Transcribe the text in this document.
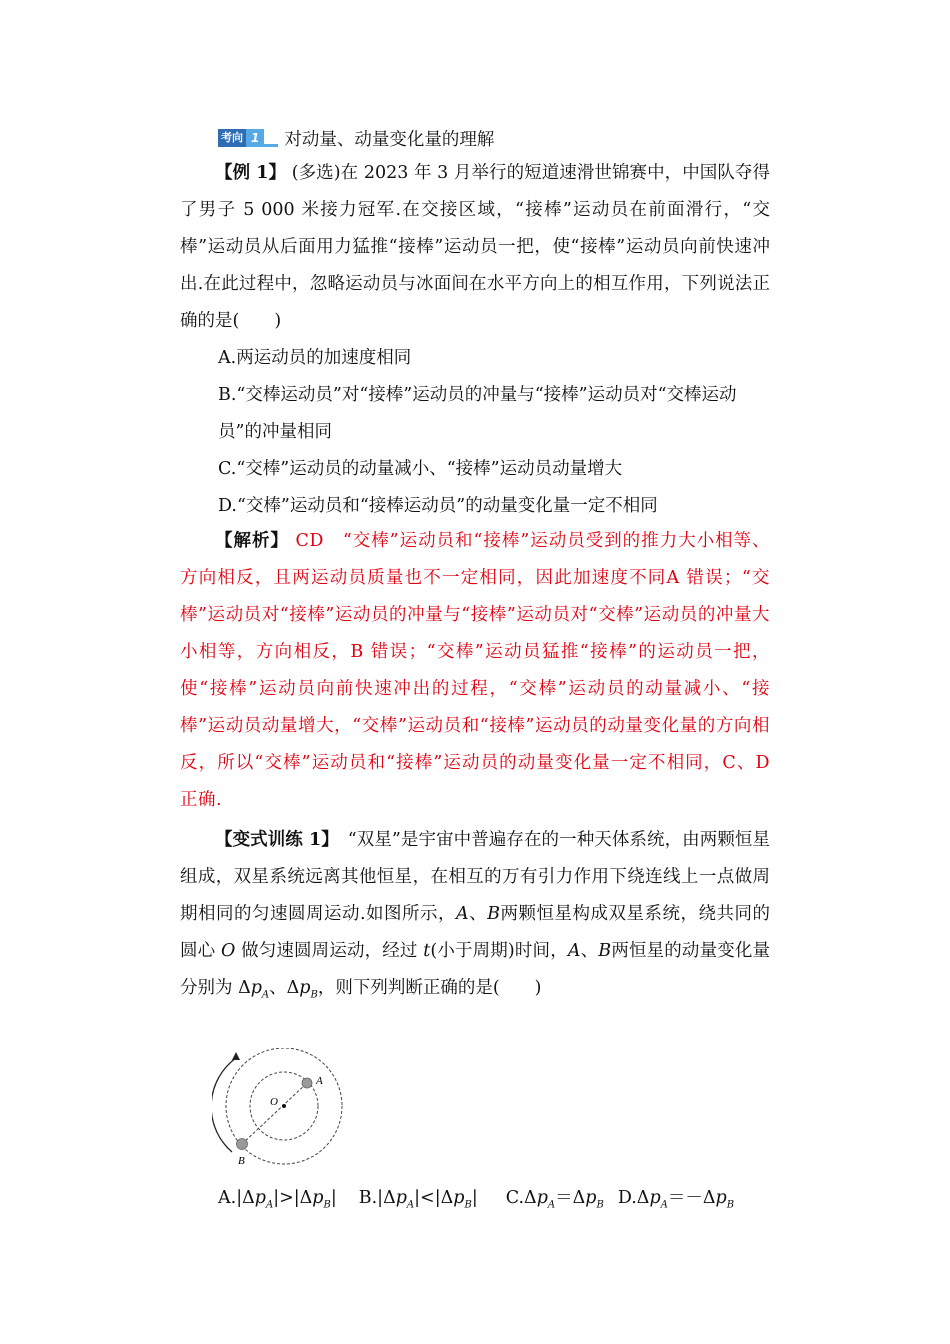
考向 1 对动量、动量变化量的理解

【例 1】 (多选)在 2023 年 3 月举行的短道速滑世锦赛中，中国队夺得了男子 5 000 米接力冠军.在交接区域，“接棒”运动员在前面滑行，“交棒”运动员从后面用力猛推“接棒”运动员一把，使“接棒”运动员向前快速冲出.在此过程中，忽略运动员与冰面间在水平方向上的相互作用，下列说法正确的是(　　)

A.两运动员的加速度相同
B.“交棒运动员”对“接棒”运动员的冲量与“接棒”运动员对“交棒运动员”的冲量相同
C.“交棒”运动员的动量减小、“接棒”运动员动量增大
D.“交棒”运动员和“接棒运动员”的动量变化量一定不相同

【解析】 CD　“交棒”运动员和“接棒”运动员受到的推力大小相等、方向相反，且两运动员质量也不一定相同，因此加速度不同A 错误；“交棒”运动员对“接棒”运动员的冲量与“接棒”运动员对“交棒”运动员的冲量大小相等，方向相反，B 错误；“交棒”运动员猛推“接棒”的运动员一把，使“接棒”运动员向前快速冲出的过程，“交棒”运动员的动量减小、“接棒”运动员动量增大，“交棒”运动员和“接棒”运动员的动量变化量的方向相反，所以“交棒”运动员和“接棒”运动员的动量变化量一定不相同，C、D 正确.

【变式训练 1】　“双星”是宇宙中普遍存在的一种天体系统，由两颗恒星组成，双星系统远离其他恒星，在相互的万有引力作用下绕连线上一点做周期相同的匀速圆周运动.如图所示，A、B两颗恒星构成双星系统，绕共同的圆心 O 做匀速圆周运动，经过 t(小于周期)时间，A、B两恒星的动量变化量分别为 $\Delta p_A$、$\Delta p_B$，则下列判断正确的是(　　)

A
O
B
$A.|\Delta p_A|>|\Delta p_B|$ $B.|\Delta p_A|<|\Delta p_B|$ $C.\Delta p_A=\Delta p_B$ $D.\Delta p_A=-\Delta p_B$
